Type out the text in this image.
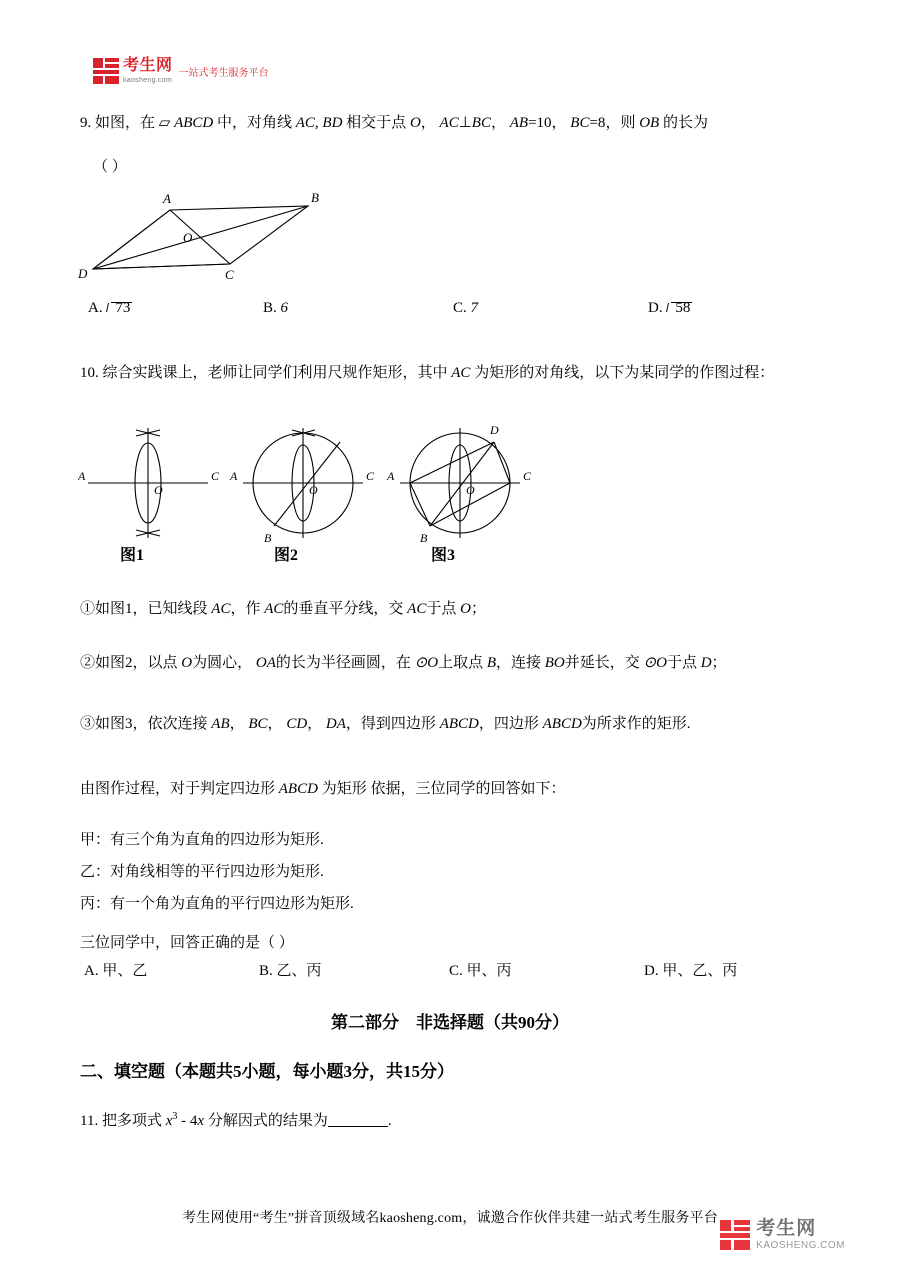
考生网
kaosheng.com
一站式考生服务平台
9. 如图，在 ▱ ABCD 中，对角线 AC, BD 相交于点 O， AC⊥BC， AB=10， BC=8，则 OB 的长为
（ ）
A	B
O
D	C
A. 73	B. 6	C. 7	D. 58
10. 综合实践课上，老师让同学们利用尺规作矩形，其中 AC 为矩形的对角线，以下为某同学的作图过程：
A
O
C
图1
A
O
C
B
图2
A
O
C
B
D
图3
①如图1，已知线段 AC，作 AC的垂直平分线，交 AC于点 O；
②如图2，以点 O为圆心， OA的长为半径画圆，在 ⊙O上取点 B，连接 BO并延长，交 ⊙O于点 D；
③如图3，依次连接 AB， BC， CD， DA，得到四边形 ABCD，四边形 ABCD为所求作的矩形.
由图作过程，对于判定四边形 ABCD 为矩形 依据，三位同学的回答如下：
甲：有三个角为直角的四边形为矩形.
乙：对角线相等的平行四边形为矩形.
丙：有一个角为直角的平行四边形为矩形.
三位同学中，回答正确的是（ ）
A. 甲、乙	B. 乙、丙	C. 甲、丙	D. 甲、乙、丙
第二部分 非选择题（共90分）
二、填空题（本题共5小题，每小题3分，共15分）
11. 把多项式 $x^3 - 4x$ 分解因式的结果为	.
考生网使用“考生”拼音顶级域名kaosheng.com，诚邀合作伙伴共建一站式考生服务平台	考生网
KAOSHENG.COM
